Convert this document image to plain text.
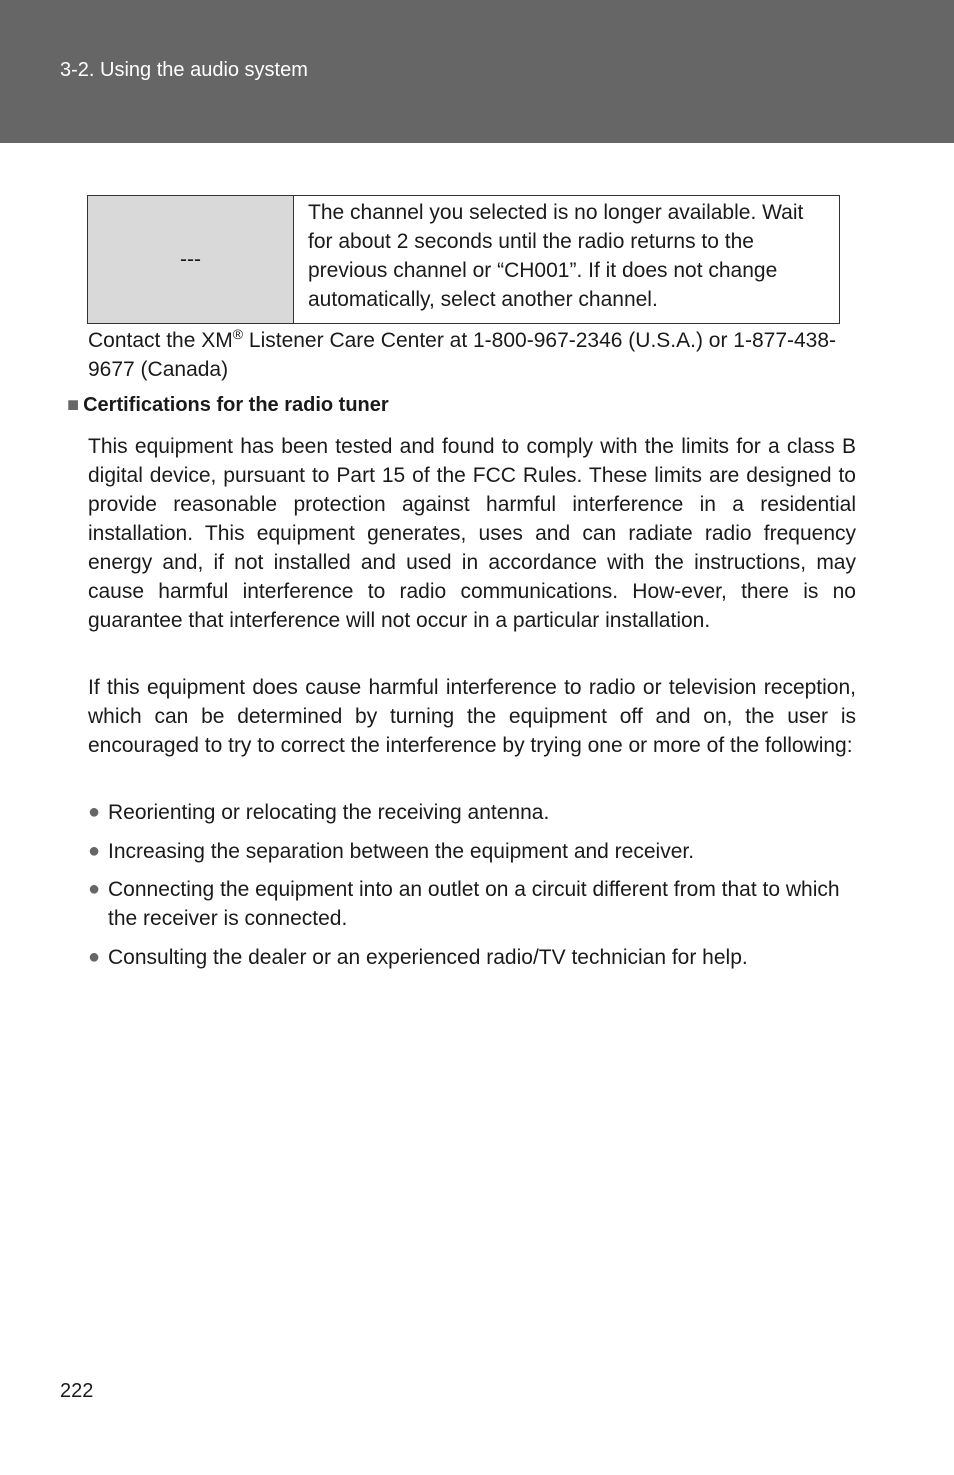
3-2. Using the audio system
---	The channel you selected is no longer available. Wait for about 2 seconds until the radio returns to the previous channel or “CH001”. If it does not change automatically, select another channel.
Contact the XM® Listener Care Center at 1-800-967-2346 (U.S.A.) or 1-877-438-9677 (Canada)
■ Certifications for the radio tuner

This equipment has been tested and found to comply with the limits for a class B digital device, pursuant to Part 15 of the FCC Rules. These limits are designed to provide reasonable protection against harmful interference in a residential installation. This equipment generates, uses and can radiate radio frequency energy and, if not installed and used in accordance with the instructions, may cause harmful interference to radio communications. How-ever, there is no guarantee that interference will not occur in a particular installation.

If this equipment does cause harmful interference to radio or television reception, which can be determined by turning the equipment off and on, the user is encouraged to try to correct the interference by trying one or more of the following:

● Reorienting or relocating the receiving antenna.
● Increasing the separation between the equipment and receiver.
● Connecting the equipment into an outlet on a circuit different from that to which the receiver is connected.
● Consulting the dealer or an experienced radio/TV technician for help.
222
